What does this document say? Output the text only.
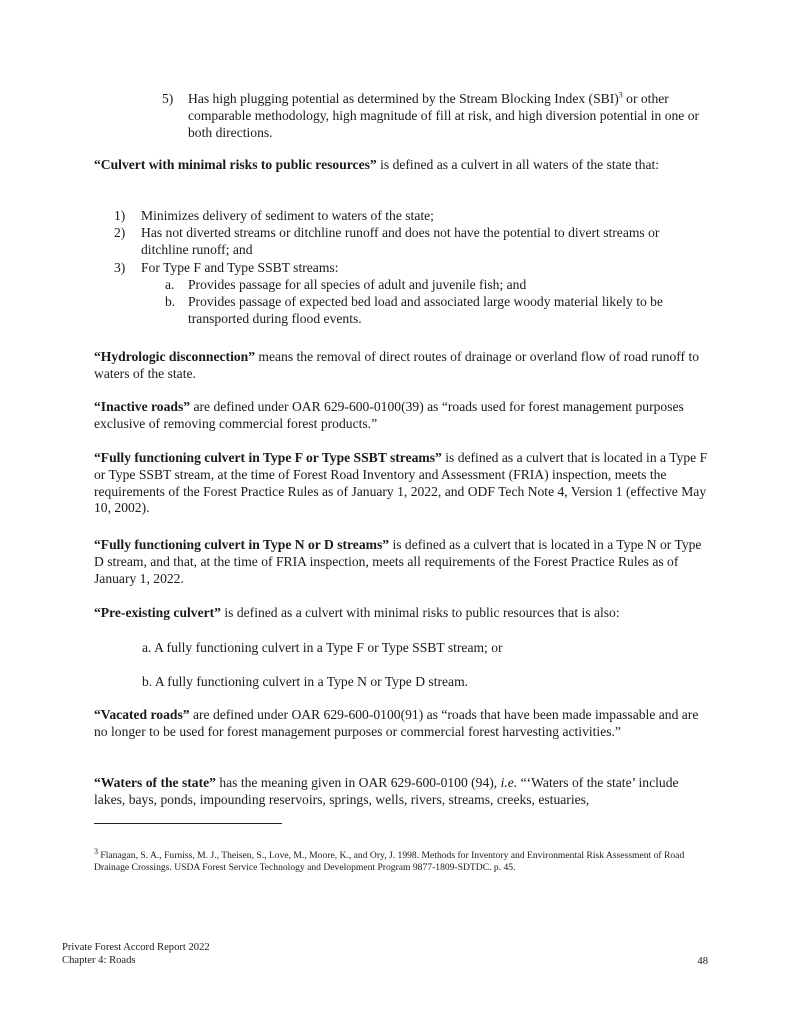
5) Has high plugging potential as determined by the Stream Blocking Index (SBI)$^3$ or other comparable methodology, high magnitude of fill at risk, and high diversion potential in one or both directions.

“Culvert with minimal risks to public resources” is defined as a culvert in all waters of the state that:

1) Minimizes delivery of sediment to waters of the state;

2) Has not diverted streams or ditchline runoff and does not have the potential to divert streams or ditchline runoff; and

3) For Type F and Type SSBT streams:

a. Provides passage for all species of adult and juvenile fish; and

b. Provides passage of expected bed load and associated large woody material likely to be transported during flood events.

“Hydrologic disconnection” means the removal of direct routes of drainage or overland flow of road runoff to waters of the state.

“Inactive roads” are defined under OAR 629-600-0100(39) as “roads used for forest management purposes exclusive of removing commercial forest products.”

“Fully functioning culvert in Type F or Type SSBT streams” is defined as a culvert that is located in a Type F or Type SSBT stream, at the time of Forest Road Inventory and Assessment (FRIA) inspection, meets the requirements of the Forest Practice Rules as of January 1, 2022, and ODF Tech Note 4, Version 1 (effective May 10, 2002).

“Fully functioning culvert in Type N or D streams” is defined as a culvert that is located in a Type N or Type D stream, and that, at the time of FRIA inspection, meets all requirements of the Forest Practice Rules as of January 1, 2022.

“Pre-existing culvert” is defined as a culvert with minimal risks to public resources that is also:

a. A fully functioning culvert in a Type F or Type SSBT stream; or

b. A fully functioning culvert in a Type N or Type D stream.

“Vacated roads” are defined under OAR 629-600-0100(91) as “roads that have been made impassable and are no longer to be used for forest management purposes or commercial forest harvesting activities.”

“Waters of the state” has the meaning given in OAR 629-600-0100 (94), i.e. “‘Waters of the state’ include lakes, bays, ponds, impounding reservoirs, springs, wells, rivers, streams, creeks, estuaries,

$^3$ Flanagan, S. A., Furniss, M. J., Theisen, S., Love, M., Moore, K., and Ory, J. 1998. Methods for Inventory and Environmental Risk Assessment of Road Drainage Crossings. USDA Forest Service Technology and Development Program 9877-1809-SDTDC. p. 45.

Private Forest Accord Report 2022

Chapter 4: Roads	48
